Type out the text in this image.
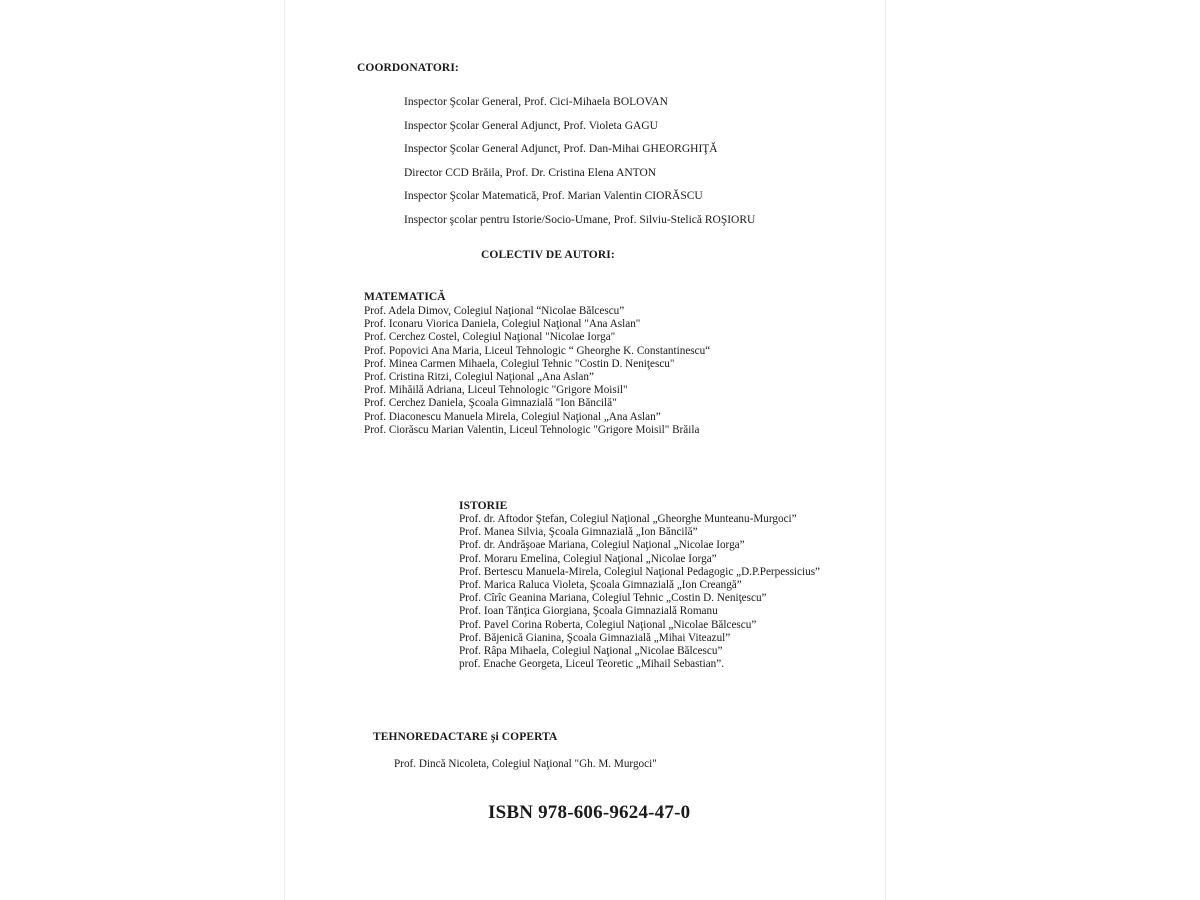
COORDONATORI:
Inspector Şcolar General, Prof. Cici-Mihaela BOLOVAN
Inspector Şcolar General Adjunct, Prof. Violeta GAGU
Inspector Şcolar General Adjunct, Prof. Dan-Mihai GHEORGHIŢĂ
Director CCD Brăila, Prof. Dr. Cristina Elena ANTON
Inspector Şcolar Matematică, Prof. Marian Valentin CIORĂSCU
Inspector şcolar pentru Istorie/Socio-Umane, Prof. Silviu-Stelică ROŞIORU
COLECTIV DE AUTORI:
MATEMATICĂ
Prof. Adela Dimov, Colegiul Naţional “Nicolae Bălcescu”
Prof. Iconaru Viorica Daniela, Colegiul Naţional "Ana Aslan"
Prof. Cerchez Costel, Colegiul Naţional "Nicolae Iorga"
Prof. Popovici Ana Maria, Liceul Tehnologic “ Gheorghe K. Constantinescu“
Prof. Minea Carmen Mihaela, Colegiul Tehnic "Costin D. Neniţescu"
Prof. Cristina Ritzi, Colegiul Naţional „Ana Aslan”
Prof. Mihăilă Adriana, Liceul Tehnologic "Grigore Moisil"
Prof. Cerchez Daniela, Şcoala Gimnazială "Ion Băncilă"
Prof. Diaconescu Manuela Mirela, Colegiul Naţional „Ana Aslan”
Prof. Ciorăscu Marian Valentin, Liceul Tehnologic "Grigore Moisil" Brăila
ISTORIE
Prof. dr. Aftodor Ştefan, Colegiul Naţional „Gheorghe Munteanu-Murgoci”
Prof. Manea Silvia, Şcoala Gimnazială „Ion Băncilă”
Prof. dr. Andrăşoae Mariana, Colegiul Naţional „Nicolae Iorga”
Prof. Moraru Emelina, Colegiul Naţional „Nicolae Iorga”
Prof. Bertescu Manuela-Mirela, Colegiul Naţional Pedagogic „D.P.Perpessicius”
Prof. Marica Raluca Violeta, Şcoala Gimnazială „Ion Creangă”
Prof. Cîrîc Geanina Mariana, Colegiul Tehnic „Costin D. Neniţescu”
Prof. Ioan Tănţica Giorgiana, Şcoala Gimnazială Romanu
Prof. Pavel Corina Roberta, Colegiul Naţional „Nicolae Bălcescu”
Prof. Băjenică Gianina, Şcoala Gimnazială „Mihai Viteazul”
Prof. Râpa Mihaela, Colegiul Naţional „Nicolae Bălcescu”
prof. Enache Georgeta, Liceul Teoretic „Mihail Sebastian”.
TEHNOREDACTARE şi COPERTA
Prof. Dincă Nicoleta, Colegiul Naţional "Gh. M. Murgoci"
ISBN 978-606-9624-47-0
